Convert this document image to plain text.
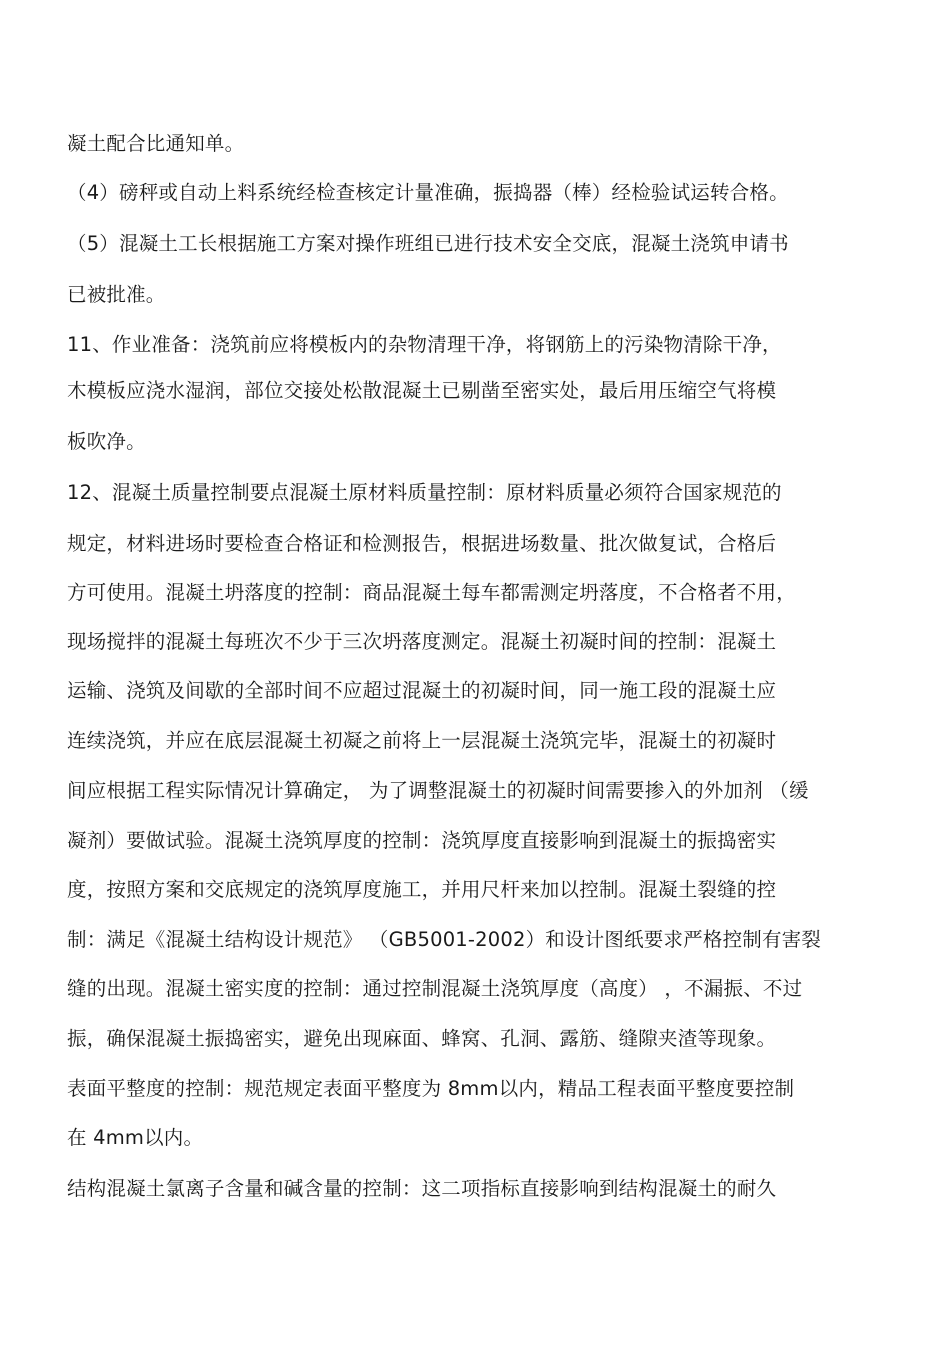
凝土配合比通知单。
（4）磅秤或自动上料系统经检查核定计量准确，振捣器（棒）经检验试运转合格。
（5）混凝土工长根据施工方案对操作班组已进行技术安全交底，混凝土浇筑申请书
已被批准。
11、作业准备：浇筑前应将模板内的杂物清理干净，将钢筋上的污染物清除干净，
木模板应浇水湿润，部位交接处松散混凝土已剔凿至密实处，最后用压缩空气将模
板吹净。
12、混凝土质量控制要点混凝土原材料质量控制：原材料质量必须符合国家规范的
规定，材料进场时要检查合格证和检测报告，根据进场数量、批次做复试，合格后
方可使用。混凝土坍落度的控制：商品混凝土每车都需测定坍落度，不合格者不用，
现场搅拌的混凝土每班次不少于三次坍落度测定。混凝土初凝时间的控制：混凝土
运输、浇筑及间歇的全部时间不应超过混凝土的初凝时间，同一施工段的混凝土应
连续浇筑，并应在底层混凝土初凝之前将上一层混凝土浇筑完毕，混凝土的初凝时
间应根据工程实际情况计算确定， 为了调整混凝土的初凝时间需要掺入的外加剂 （缓
凝剂）要做试验。混凝土浇筑厚度的控制：浇筑厚度直接影响到混凝土的振捣密实
度，按照方案和交底规定的浇筑厚度施工，并用尺杆来加以控制。混凝土裂缝的控
制：满足《混凝土结构设计规范》 （GB5001-2002）和设计图纸要求严格控制有害裂
缝的出现。混凝土密实度的控制：通过控制混凝土浇筑厚度（高度） ，不漏振、不过
振，确保混凝土振捣密实，避免出现麻面、蜂窝、孔洞、露筋、缝隙夹渣等现象。
表面平整度的控制：规范规定表面平整度为 8mm以内，精品工程表面平整度要控制
在 4mm以内。
结构混凝土氯离子含量和碱含量的控制：这二项指标直接影响到结构混凝土的耐久
